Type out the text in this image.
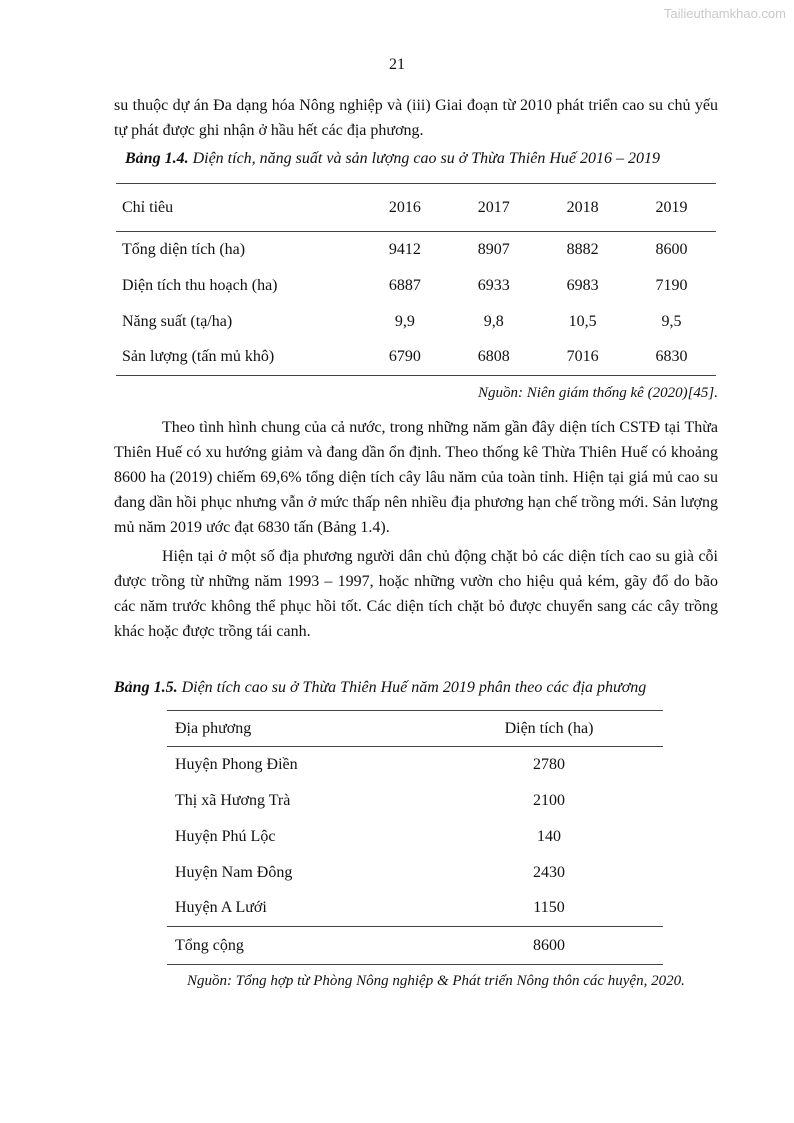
Tailieuthamkhao.com
21

su thuộc dự án Đa dạng hóa Nông nghiệp và (iii) Giai đoạn từ 2010 phát triển cao su chủ yếu tự phát được ghi nhận ở hầu hết các địa phương.

Bảng 1.4. Diện tích, năng suất và sản lượng cao su ở Thừa Thiên Huế 2016 – 2019

Chỉ tiêu	2016	2017	2018	2019
Tổng diện tích (ha)	9412	8907	8882	8600
Diện tích thu hoạch (ha)	6887	6933	6983	7190
Năng suất (tạ/ha)	9,9	9,8	10,5	9,5
Sản lượng (tấn mủ khô)	6790	6808	7016	6830
Nguồn: Niên giám thống kê (2020)[45].

Theo tình hình chung của cả nước, trong những năm gần đây diện tích CSTĐ tại Thừa Thiên Huế có xu hướng giảm và đang dần ổn định. Theo thống kê Thừa Thiên Huế có khoảng 8600 ha (2019) chiếm 69,6% tổng diện tích cây lâu năm của toàn tỉnh. Hiện tại giá mủ cao su đang dần hồi phục nhưng vẫn ở mức thấp nên nhiều địa phương hạn chế trồng mới. Sản lượng mủ năm 2019 ước đạt 6830 tấn (Bảng 1.4).

Hiện tại ở một số địa phương người dân chủ động chặt bỏ các diện tích cao su già cỗi được trồng từ những năm 1993 – 1997, hoặc những vườn cho hiệu quả kém, gãy đổ do bão các năm trước không thể phục hồi tốt. Các diện tích chặt bỏ được chuyển sang các cây trồng khác hoặc được trồng tái canh.

Bảng 1.5. Diện tích cao su ở Thừa Thiên Huế năm 2019 phân theo các địa phương

Địa phương	Diện tích (ha)
Huyện Phong Điền	2780
Thị xã Hương Trà	2100
Huyện Phú Lộc	140
Huyện Nam Đông	2430
Huyện A Lưới	1150
Tổng cộng	8600
Nguồn: Tổng hợp từ Phòng Nông nghiệp & Phát triển Nông thôn các huyện, 2020.
